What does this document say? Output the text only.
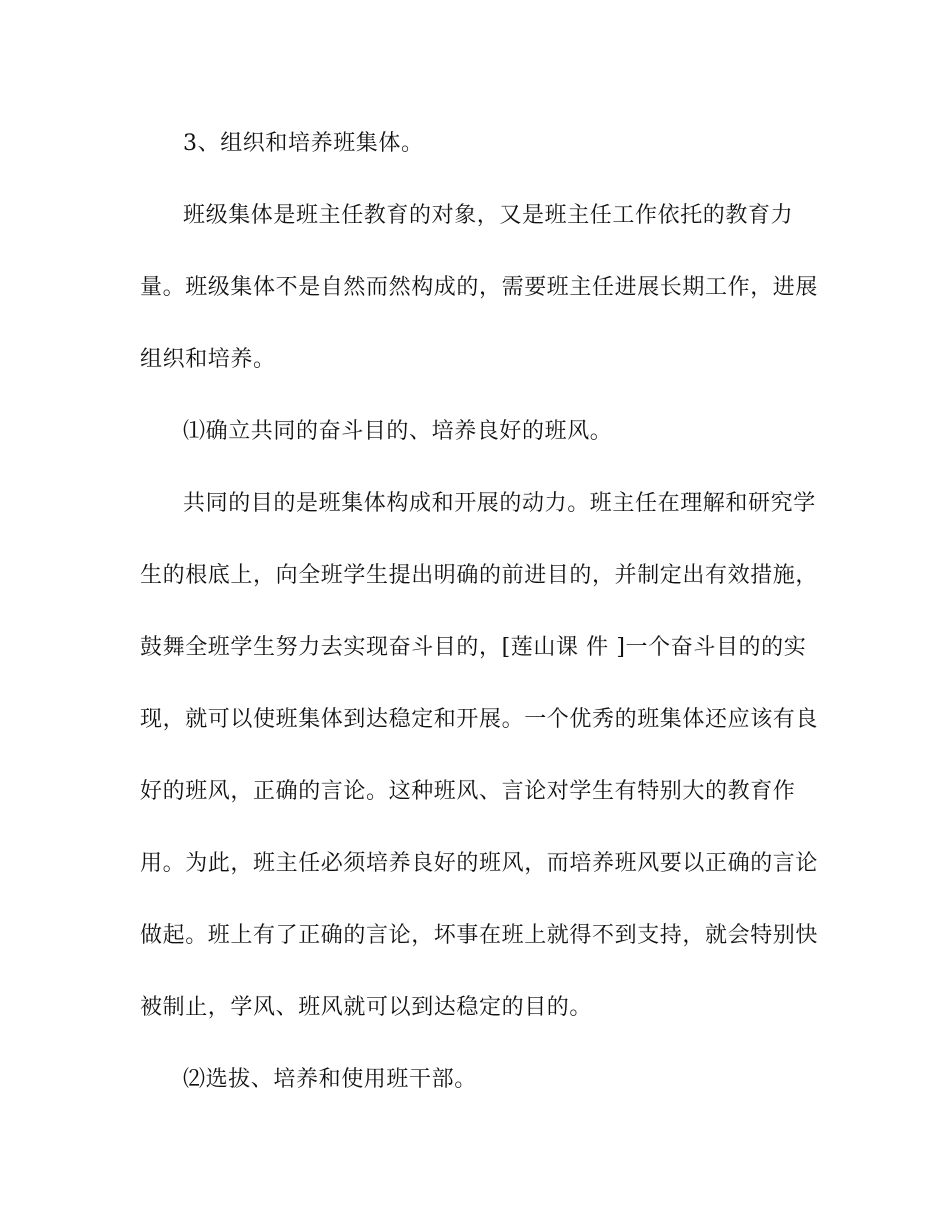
3、组织和培养班集体。
班级集体是班主任教育的对象，又是班主任工作依托的教育力
量。班级集体不是自然而然构成的，需要班主任进展长期工作，进展
组织和培养。
⑴确立共同的奋斗目的、培养良好的班风。
共同的目的是班集体构成和开展的动力。班主任在理解和研究学
生的根底上，向全班学生提出明确的前进目的，并制定出有效措施，
鼓舞全班学生努力去实现奋斗目的，[莲山课 件 ]一个奋斗目的的实
现，就可以使班集体到达稳定和开展。一个优秀的班集体还应该有良
好的班风，正确的言论。这种班风、言论对学生有特别大的教育作
用。为此，班主任必须培养良好的班风，而培养班风要以正确的言论
做起。班上有了正确的言论，坏事在班上就得不到支持，就会特别快
被制止，学风、班风就可以到达稳定的目的。
⑵选拔、培养和使用班干部。
